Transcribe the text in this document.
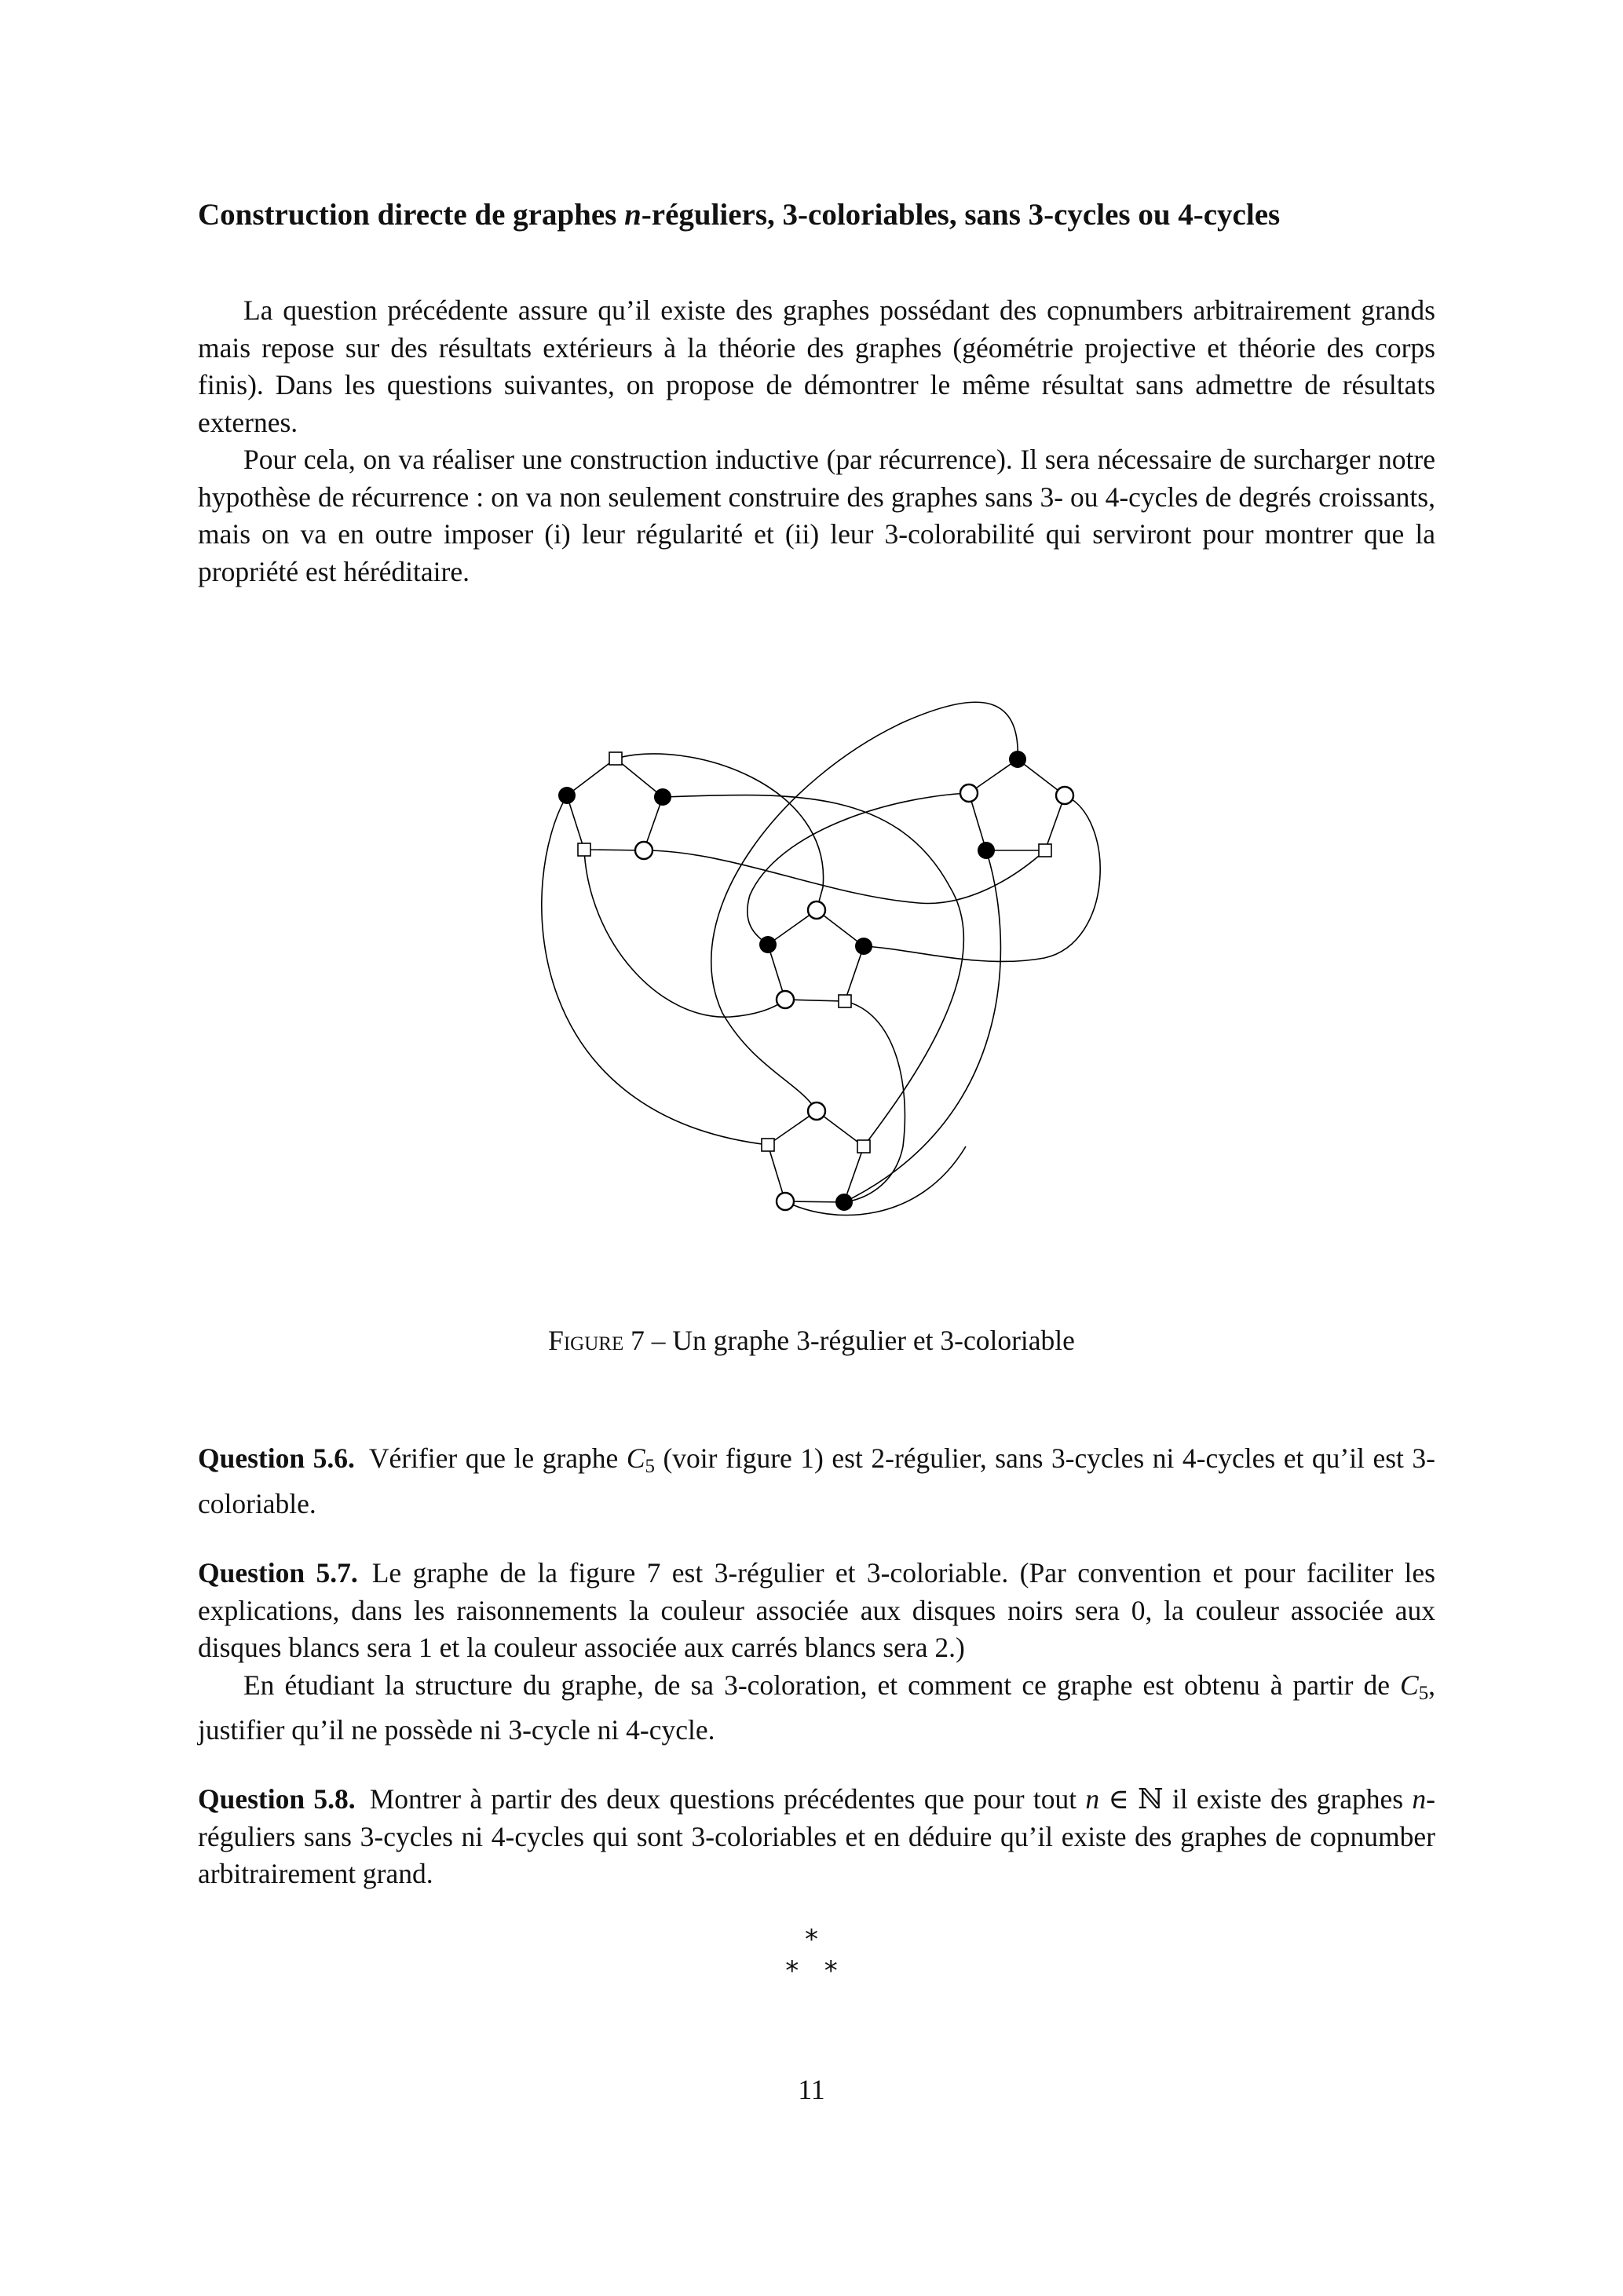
Construction directe de graphes n-réguliers, 3-coloriables, sans 3-cycles ou 4-cycles

La question précédente assure qu’il existe des graphes possédant des copnumbers arbitrairement grands mais repose sur des résultats extérieurs à la théorie des graphes (géométrie projective et théorie des corps finis). Dans les questions suivantes, on propose de démontrer le même résultat sans admettre de résultats externes.

Pour cela, on va réaliser une construction inductive (par récurrence). Il sera nécessaire de surcharger notre hypothèse de récurrence : on va non seulement construire des graphes sans 3- ou 4-cycles de degrés croissants, mais on va en outre imposer (i) leur régularité et (ii) leur 3-colorabilité qui serviront pour montrer que la propriété est héréditaire.

Figure 7 – Un graphe 3-régulier et 3-coloriable

Question 5.6. Vérifier que le graphe $C_5$ (voir figure 1) est 2-régulier, sans 3-cycles ni 4-cycles et qu’il est 3-coloriable.

Question 5.7. Le graphe de la figure 7 est 3-régulier et 3-coloriable. (Par convention et pour faciliter les explications, dans les raisonnements la couleur associée aux disques noirs sera 0, la couleur associée aux disques blancs sera 1 et la couleur associée aux carrés blancs sera 2.)

En étudiant la structure du graphe, de sa 3-coloration, et comment ce graphe est obtenu à partir de $C_5$, justifier qu’il ne possède ni 3-cycle ni 4-cycle.

Question 5.8. Montrer à partir des deux questions précédentes que pour tout n ∈ ℕ il existe des graphes n-réguliers sans 3-cycles ni 4-cycles qui sont 3-coloriables et en déduire qu’il existe des graphes de copnumber arbitrairement grand.

*
*   *
11
